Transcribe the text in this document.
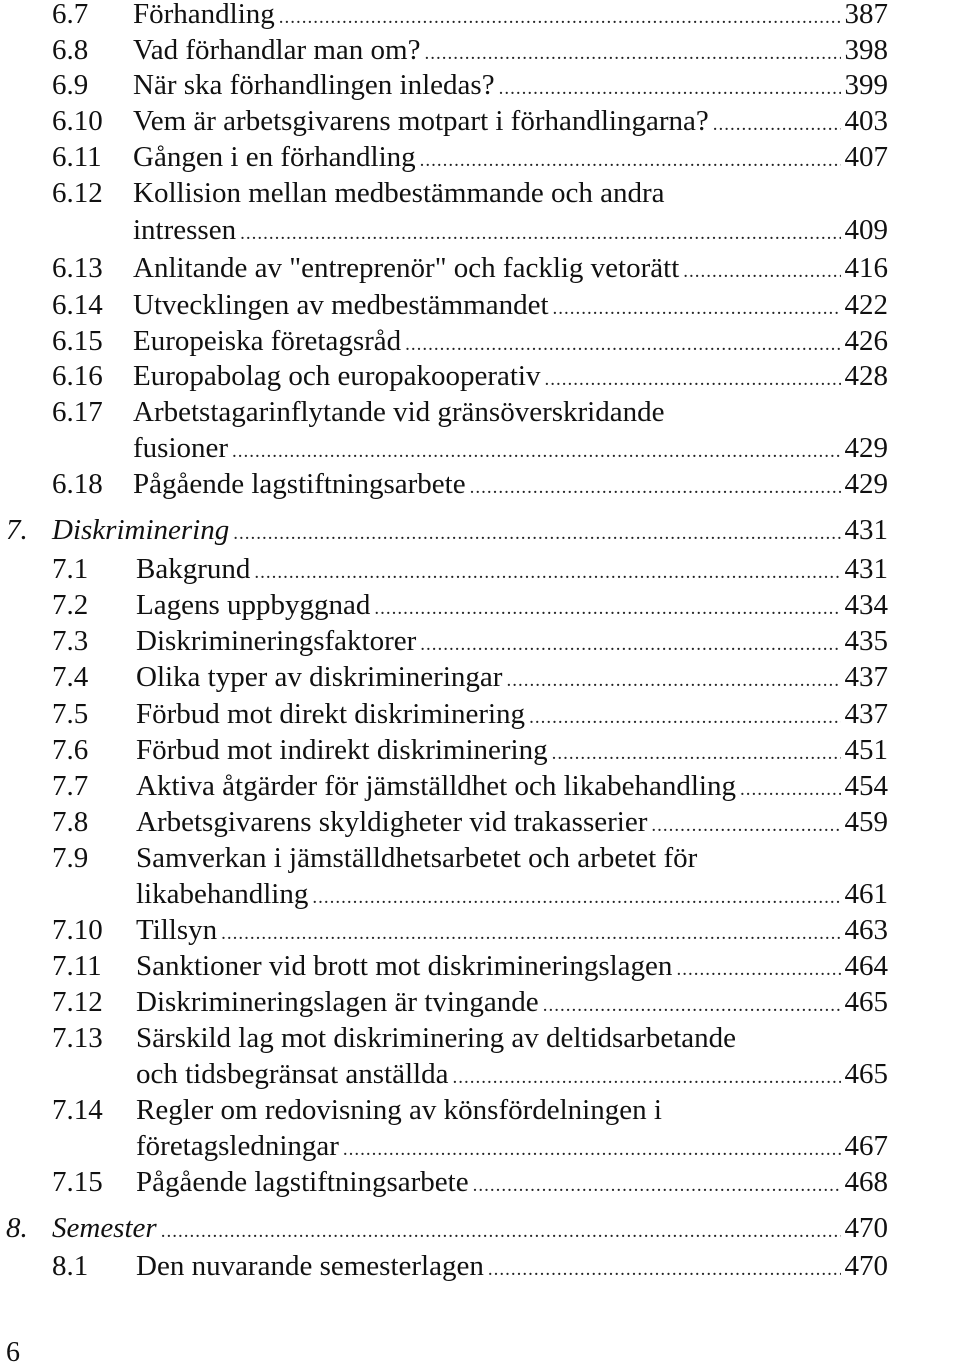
6.7 Förhandling .....	387
6.8 Vad förhandlar man om? .....	398
6.9 När ska förhandlingen inledas? .....	399
6.10 Vem är arbetsgivarens motpart i förhandlingarna? .....	403
6.11 Gången i en förhandling .....	407
6.12 Kollision mellan medbestämmande och andra
intressen .....	409
6.13 Anlitande av "entreprenör" och facklig vetorätt .....	416
6.14 Utvecklingen av medbestämmandet .....	422
6.15 Europeiska företagsråd .....	426
6.16 Europabolag och europakooperativ .....	428
6.17 Arbetstagarinflytande vid gränsöverskridande
fusioner .....	429
6.18 Pågående lagstiftningsarbete .....	429
7. Diskriminering .....	431
7.1 Bakgrund .....	431
7.2 Lagens uppbyggnad .....	434
7.3 Diskrimineringsfaktorer .....	435
7.4 Olika typer av diskrimineringar .....	437
7.5 Förbud mot direkt diskriminering .....	437
7.6 Förbud mot indirekt diskriminering .....	451
7.7 Aktiva åtgärder för jämställdhet och likabehandling .....	454
7.8 Arbetsgivarens skyldigheter vid trakasserier .....	459
7.9 Samverkan i jämställdhetsarbetet och arbetet för
likabehandling .....	461
7.10 Tillsyn .....	463
7.11 Sanktioner vid brott mot diskrimineringslagen .....	464
7.12 Diskrimineringslagen är tvingande .....	465
7.13 Särskild lag mot diskriminering av deltidsarbetande
och tidsbegränsat anställda .....	465
7.14 Regler om redovisning av könsfördelningen i
företagsledningar .....	467
7.15 Pågående lagstiftningsarbete .....	468
8. Semester .....	470
8.1 Den nuvarande semesterlagen .....	470
6
